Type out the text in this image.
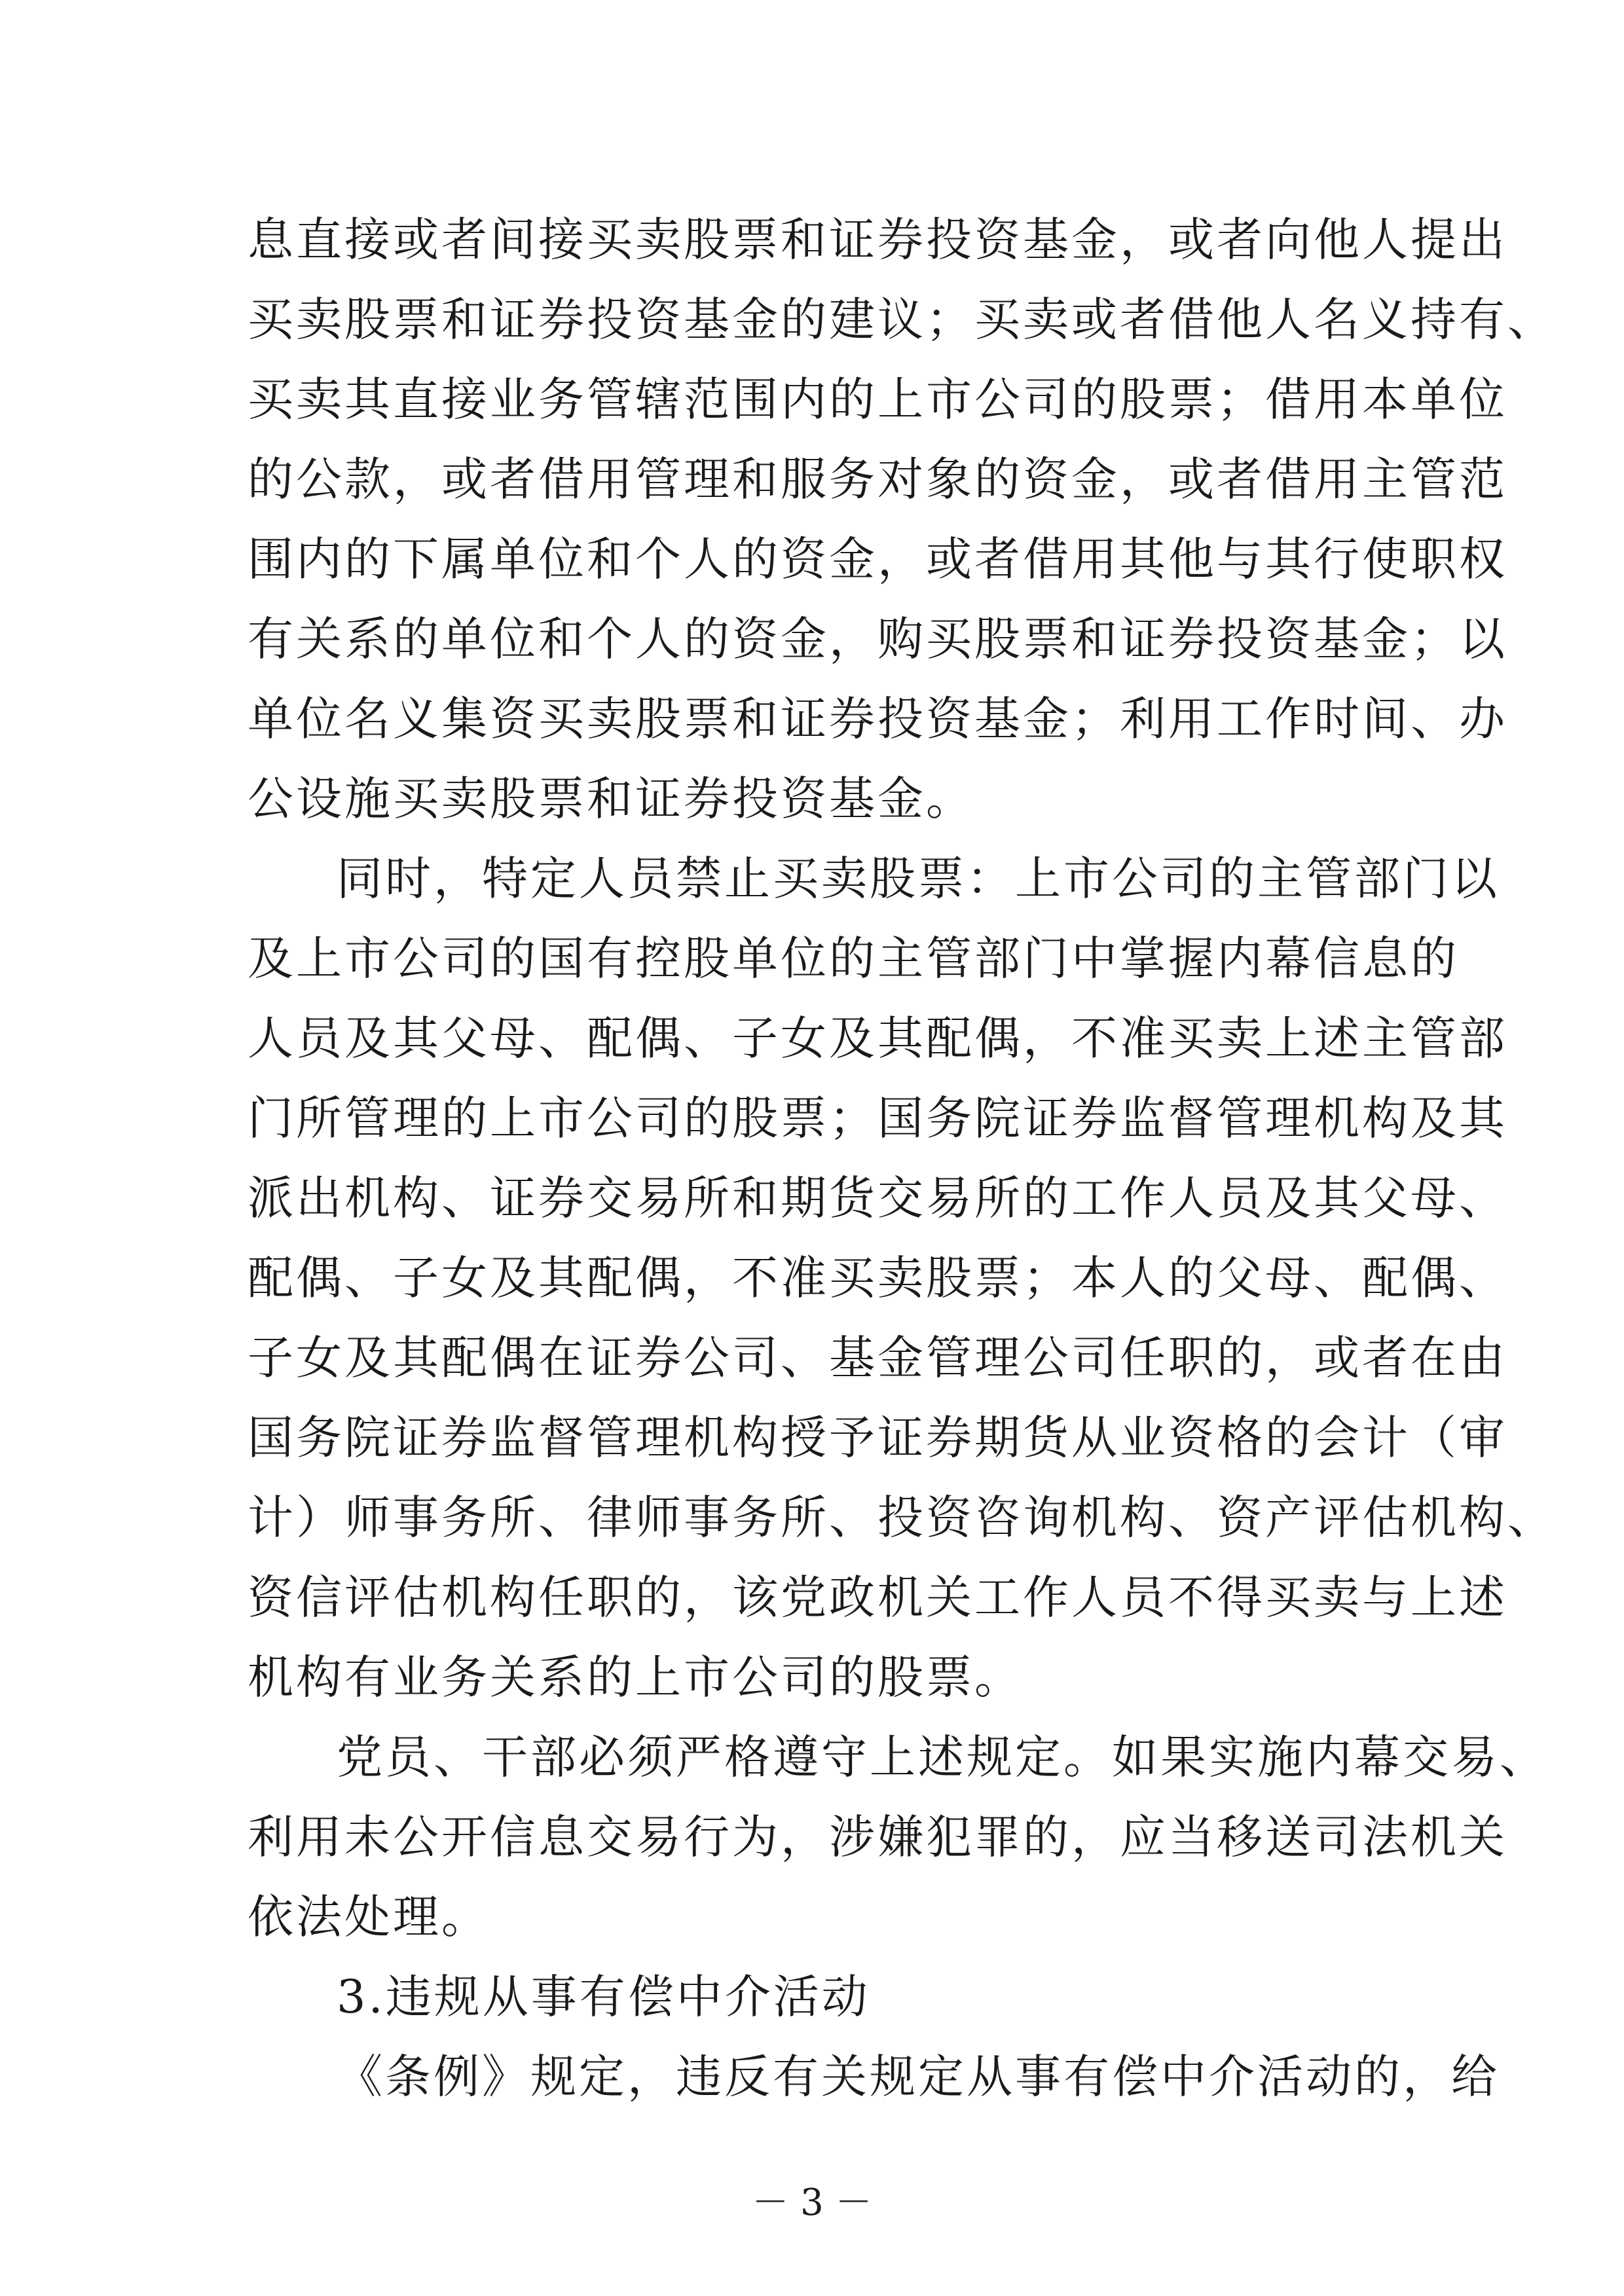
息直接或者间接买卖股票和证券投资基金，或者向他人提出
买卖股票和证券投资基金的建议；买卖或者借他人名义持有、
买卖其直接业务管辖范围内的上市公司的股票；借用本单位
的公款，或者借用管理和服务对象的资金，或者借用主管范
围内的下属单位和个人的资金，或者借用其他与其行使职权
有关系的单位和个人的资金，购买股票和证券投资基金；以
单位名义集资买卖股票和证券投资基金；利用工作时间、办
公设施买卖股票和证券投资基金。
同时，特定人员禁止买卖股票：上市公司的主管部门以
及上市公司的国有控股单位的主管部门中掌握内幕信息的
人员及其父母、配偶、子女及其配偶，不准买卖上述主管部
门所管理的上市公司的股票；国务院证券监督管理机构及其
派出机构、证券交易所和期货交易所的工作人员及其父母、
配偶、子女及其配偶，不准买卖股票；本人的父母、配偶、
子女及其配偶在证券公司、基金管理公司任职的，或者在由
国务院证券监督管理机构授予证券期货从业资格的会计（审
计）师事务所、律师事务所、投资咨询机构、资产评估机构、
资信评估机构任职的，该党政机关工作人员不得买卖与上述
机构有业务关系的上市公司的股票。
党员、干部必须严格遵守上述规定。如果实施内幕交易、
利用未公开信息交易行为，涉嫌犯罪的，应当移送司法机关
依法处理。
3.违规从事有偿中介活动
－ 3 －
《条例》规定，违反有关规定从事有偿中介活动的，给
